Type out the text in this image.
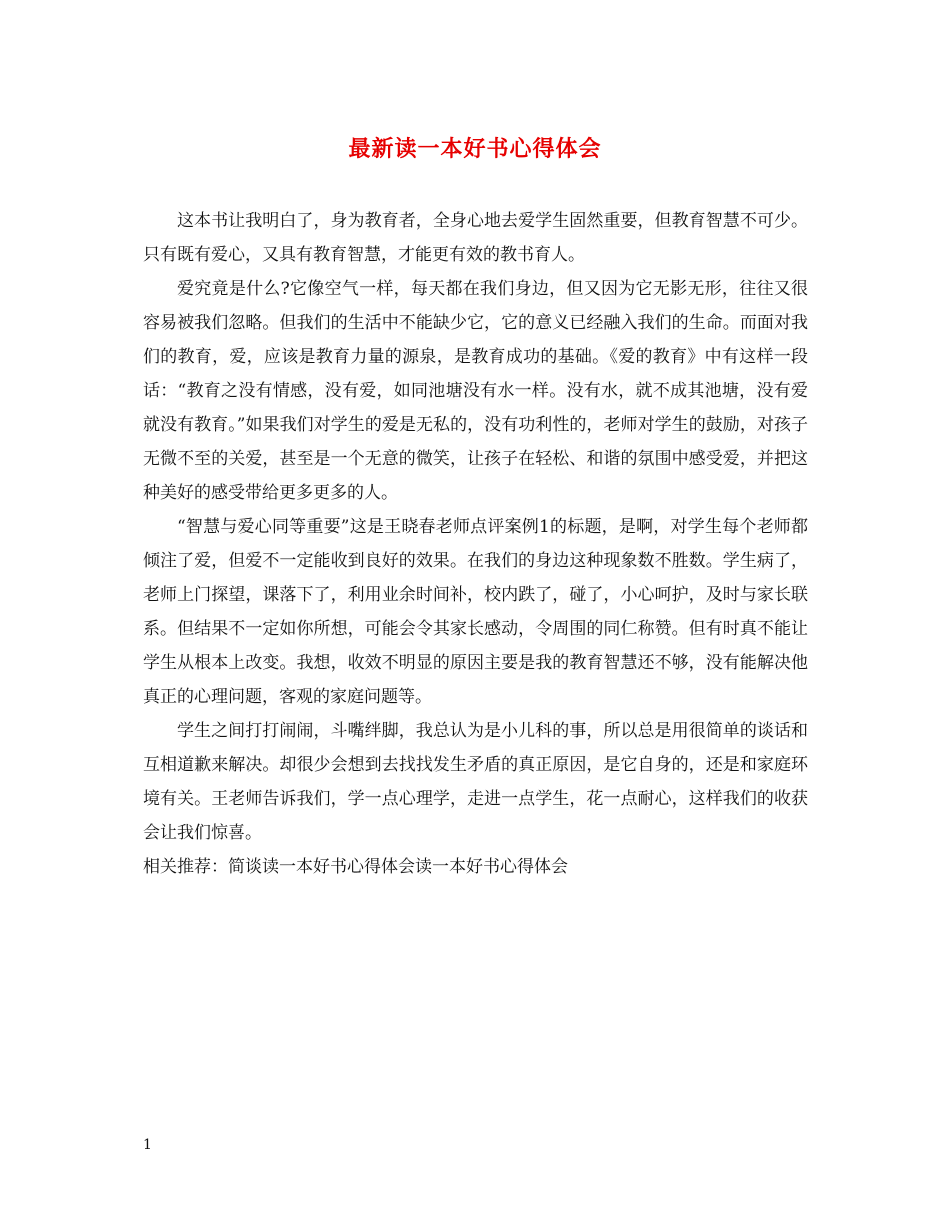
最新读一本好书心得体会

这本书让我明白了，身为教育者，全身心地去爱学生固然重要，但教育智慧不可少。只有既有爱心，又具有教育智慧，才能更有效的教书育人。

爱究竟是什么?它像空气一样，每天都在我们身边，但又因为它无影无形，往往又很容易被我们忽略。但我们的生活中不能缺少它，它的意义已经融入我们的生命。而面对我们的教育，爱，应该是教育力量的源泉，是教育成功的基础。《爱的教育》中有这样一段话：“教育之没有情感，没有爱，如同池塘没有水一样。没有水，就不成其池塘，没有爱就没有教育。”如果我们对学生的爱是无私的，没有功利性的，老师对学生的鼓励，对孩子无微不至的关爱，甚至是一个无意的微笑，让孩子在轻松、和谐的氛围中感受爱，并把这种美好的感受带给更多更多的人。

“智慧与爱心同等重要”这是王晓春老师点评案例1的标题，是啊，对学生每个老师都倾注了爱，但爱不一定能收到良好的效果。在我们的身边这种现象数不胜数。学生病了，老师上门探望，课落下了，利用业余时间补，校内跌了，碰了，小心呵护，及时与家长联系。但结果不一定如你所想，可能会令其家长感动，令周围的同仁称赞。但有时真不能让学生从根本上改变。我想，收效不明显的原因主要是我的教育智慧还不够，没有能解决他真正的心理问题，客观的家庭问题等。

学生之间打打闹闹，斗嘴绊脚，我总认为是小儿科的事，所以总是用很简单的谈话和互相道歉来解决。却很少会想到去找找发生矛盾的真正原因，是它自身的，还是和家庭环境有关。王老师告诉我们，学一点心理学，走进一点学生，花一点耐心，这样我们的收获会让我们惊喜。

相关推荐：简谈读一本好书心得体会读一本好书心得体会

1
